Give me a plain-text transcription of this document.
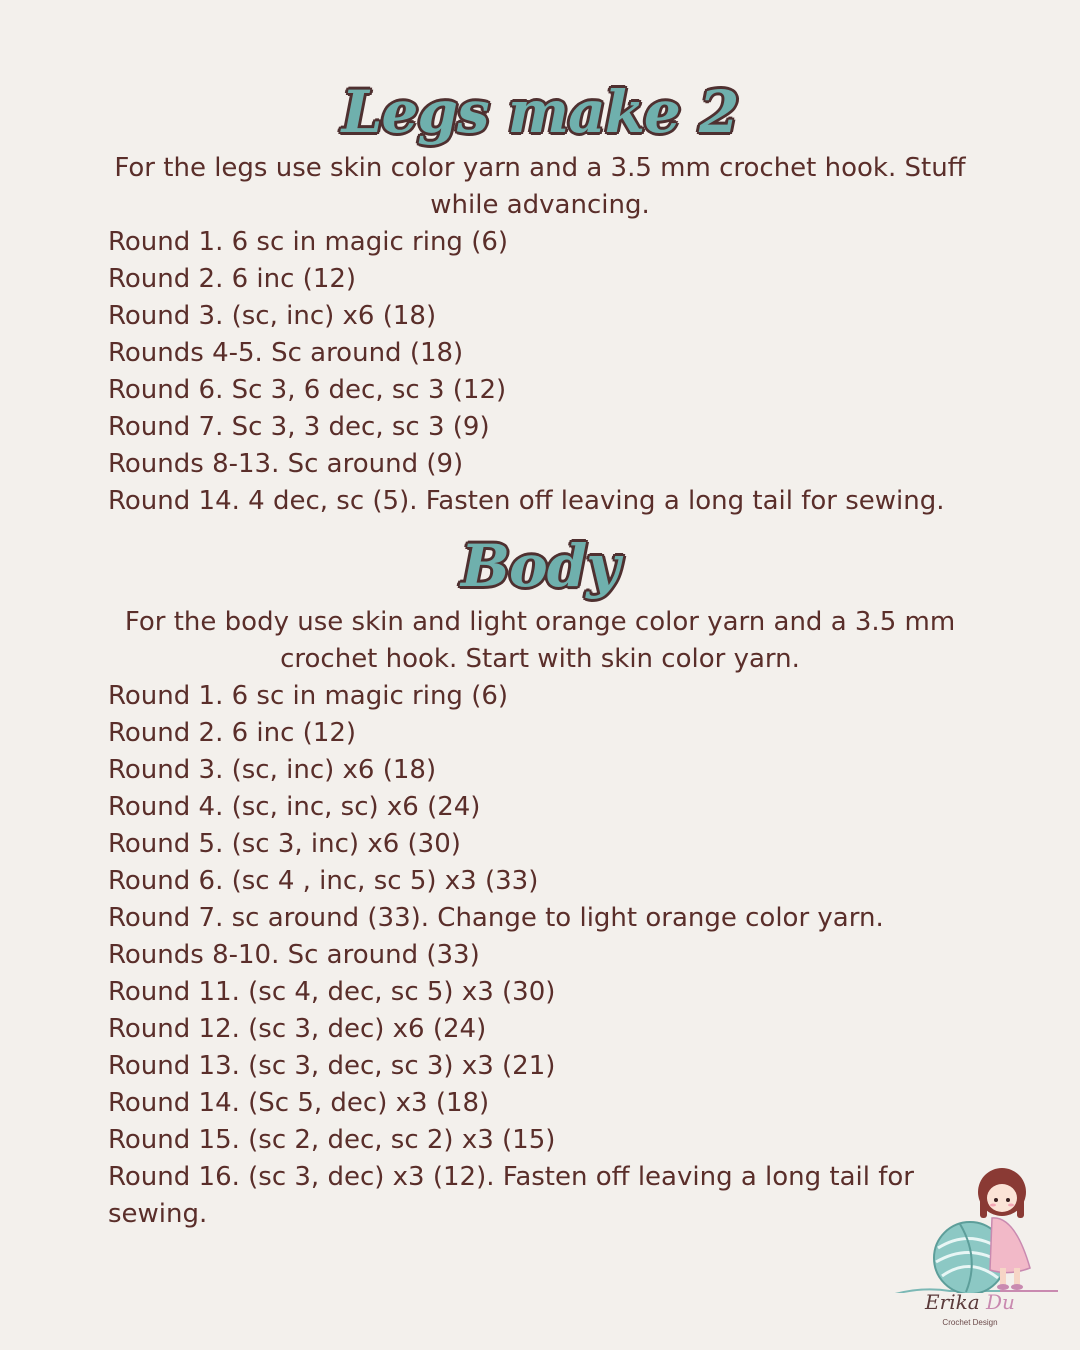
Legs make 2
For the legs use skin color yarn and a 3.5 mm crochet hook. Stuff while advancing.
Round 1. 6 sc in magic ring (6)
Round 2. 6 inc (12)
Round 3. (sc, inc) x6 (18)
Rounds 4-5. Sc around (18)
Round 6. Sc 3, 6 dec, sc 3 (12)
Round 7. Sc 3, 3 dec, sc 3 (9)
Rounds 8-13. Sc around (9)
Round 14. 4 dec, sc (5). Fasten off leaving a long tail for sewing.
Body
For the body use skin and light orange color yarn and a 3.5 mm crochet hook. Start with skin color yarn.
Round 1. 6 sc in magic ring (6)
Round 2. 6 inc (12)
Round 3. (sc, inc) x6 (18)
Round 4. (sc, inc, sc) x6 (24)
Round 5. (sc 3, inc) x6 (30)
Round 6. (sc 4 , inc, sc 5) x3 (33)
Round 7. sc around (33). Change to light orange color yarn.
Rounds 8-10. Sc around (33)
Round 11. (sc 4, dec, sc 5) x3 (30)
Round 12. (sc 3, dec) x6 (24)
Round 13. (sc 3, dec, sc 3) x3 (21)
Round 14. (Sc 5, dec) x3 (18)
Round 15. (sc 2, dec, sc 2) x3 (15)
Round 16. (sc 3, dec) x3 (12). Fasten off leaving a long tail for sewing.
Erika Du
Crochet Design
